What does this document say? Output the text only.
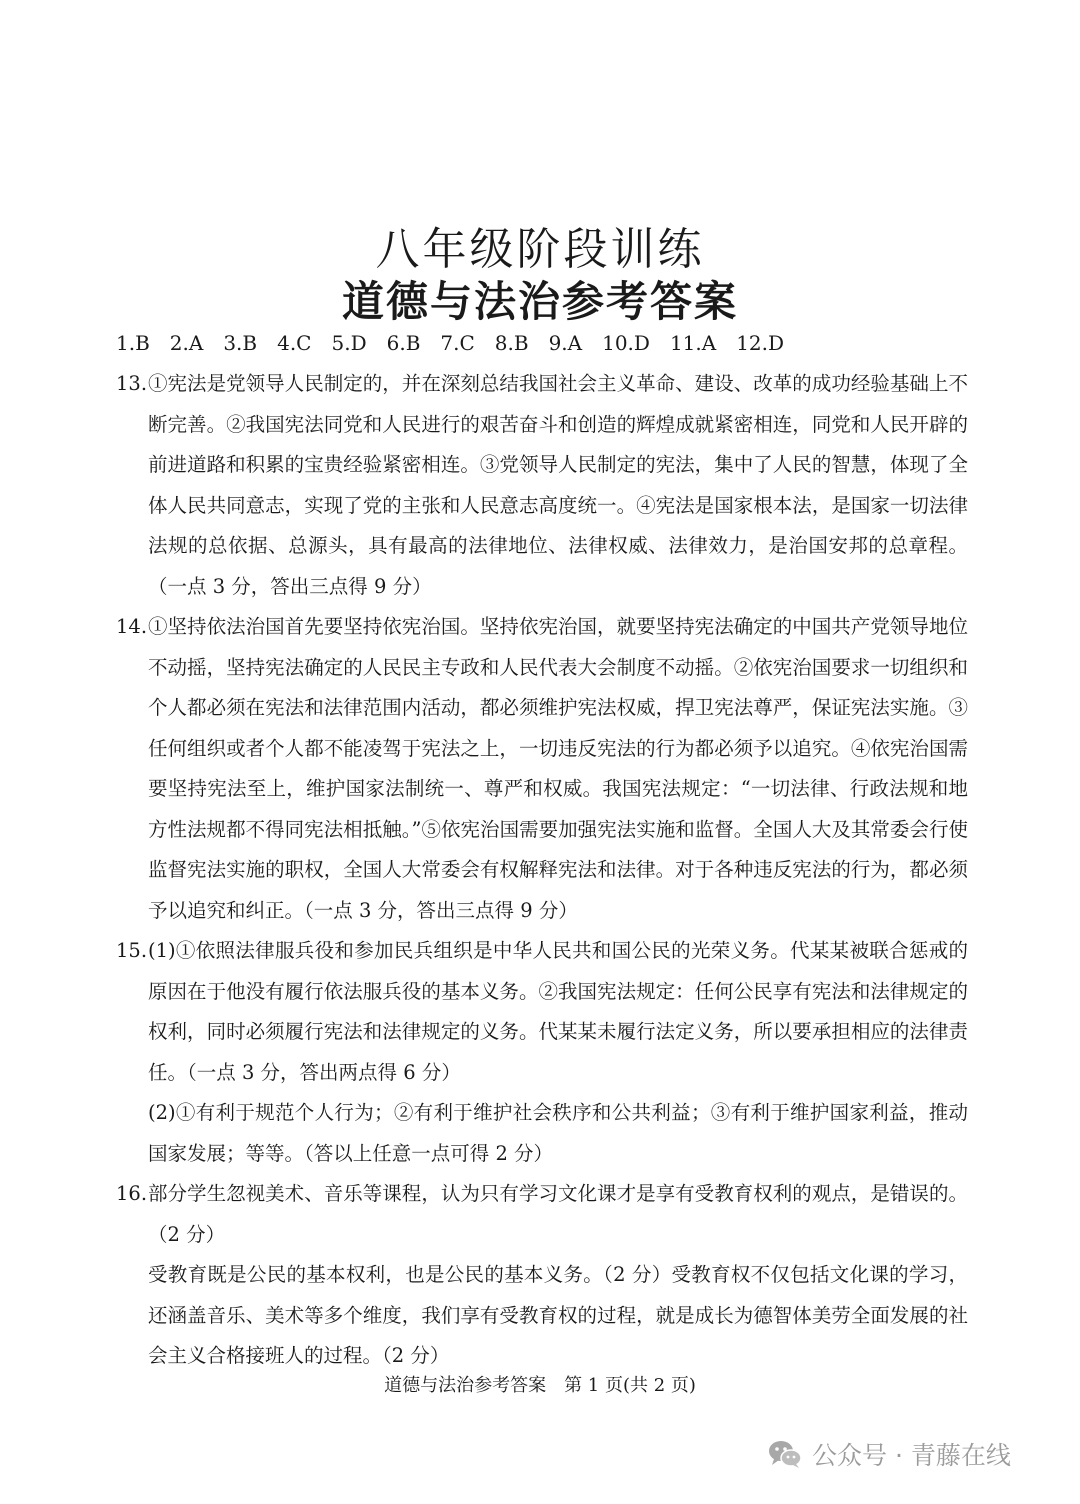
八年级阶段训练
道德与法治参考答案
1.B 2.A 3.B 4.C 5.D 6.B 7.C 8.B 9.A 10.D 11.A 12.D
13. ①宪法是党领导人民制定的，并在深刻总结我国社会主义革命、建设、改革的成功经验基础上不断完善。②我国宪法同党和人民进行的艰苦奋斗和创造的辉煌成就紧密相连，同党和人民开辟的前进道路和积累的宝贵经验紧密相连。③党领导人民制定的宪法，集中了人民的智慧，体现了全体人民共同意志，实现了党的主张和人民意志高度统一。④宪法是国家根本法，是国家一切法律法规的总依据、总源头，具有最高的法律地位、法律权威、法律效力，是治国安邦的总章程。（一点 3 分，答出三点得 9 分）
14. ①坚持依法治国首先要坚持依宪治国。坚持依宪治国，就要坚持宪法确定的中国共产党领导地位不动摇，坚持宪法确定的人民民主专政和人民代表大会制度不动摇。②依宪治国要求一切组织和个人都必须在宪法和法律范围内活动，都必须维护宪法权威，捍卫宪法尊严，保证宪法实施。③任何组织或者个人都不能凌驾于宪法之上，一切违反宪法的行为都必须予以追究。④依宪治国需要坚持宪法至上，维护国家法制统一、尊严和权威。我国宪法规定：“一切法律、行政法规和地方性法规都不得同宪法相抵触。”⑤依宪治国需要加强宪法实施和监督。全国人大及其常委会行使监督宪法实施的职权，全国人大常委会有权解释宪法和法律。对于各种违反宪法的行为，都必须予以追究和纠正。（一点 3 分，答出三点得 9 分）
15. (1)①依照法律服兵役和参加民兵组织是中华人民共和国公民的光荣义务。代某某被联合惩戒的原因在于他没有履行依法服兵役的基本义务。②我国宪法规定：任何公民享有宪法和法律规定的权利，同时必须履行宪法和法律规定的义务。代某某未履行法定义务，所以要承担相应的法律责任。（一点 3 分，答出两点得 6 分）
(2)①有利于规范个人行为；②有利于维护社会秩序和公共利益；③有利于维护国家利益，推动国家发展；等等。（答以上任意一点可得 2 分）
16. 部分学生忽视美术、音乐等课程，认为只有学习文化课才是享有受教育权利的观点，是错误的。（2 分）
受教育既是公民的基本权利，也是公民的基本义务。（2 分）受教育权不仅包括文化课的学习，还涵盖音乐、美术等多个维度，我们享有受教育权的过程，就是成长为德智体美劳全面发展的社会主义合格接班人的过程。（2 分）
道德与法治参考答案　第 1 页(共 2 页)
公众号 · 青藤在线
